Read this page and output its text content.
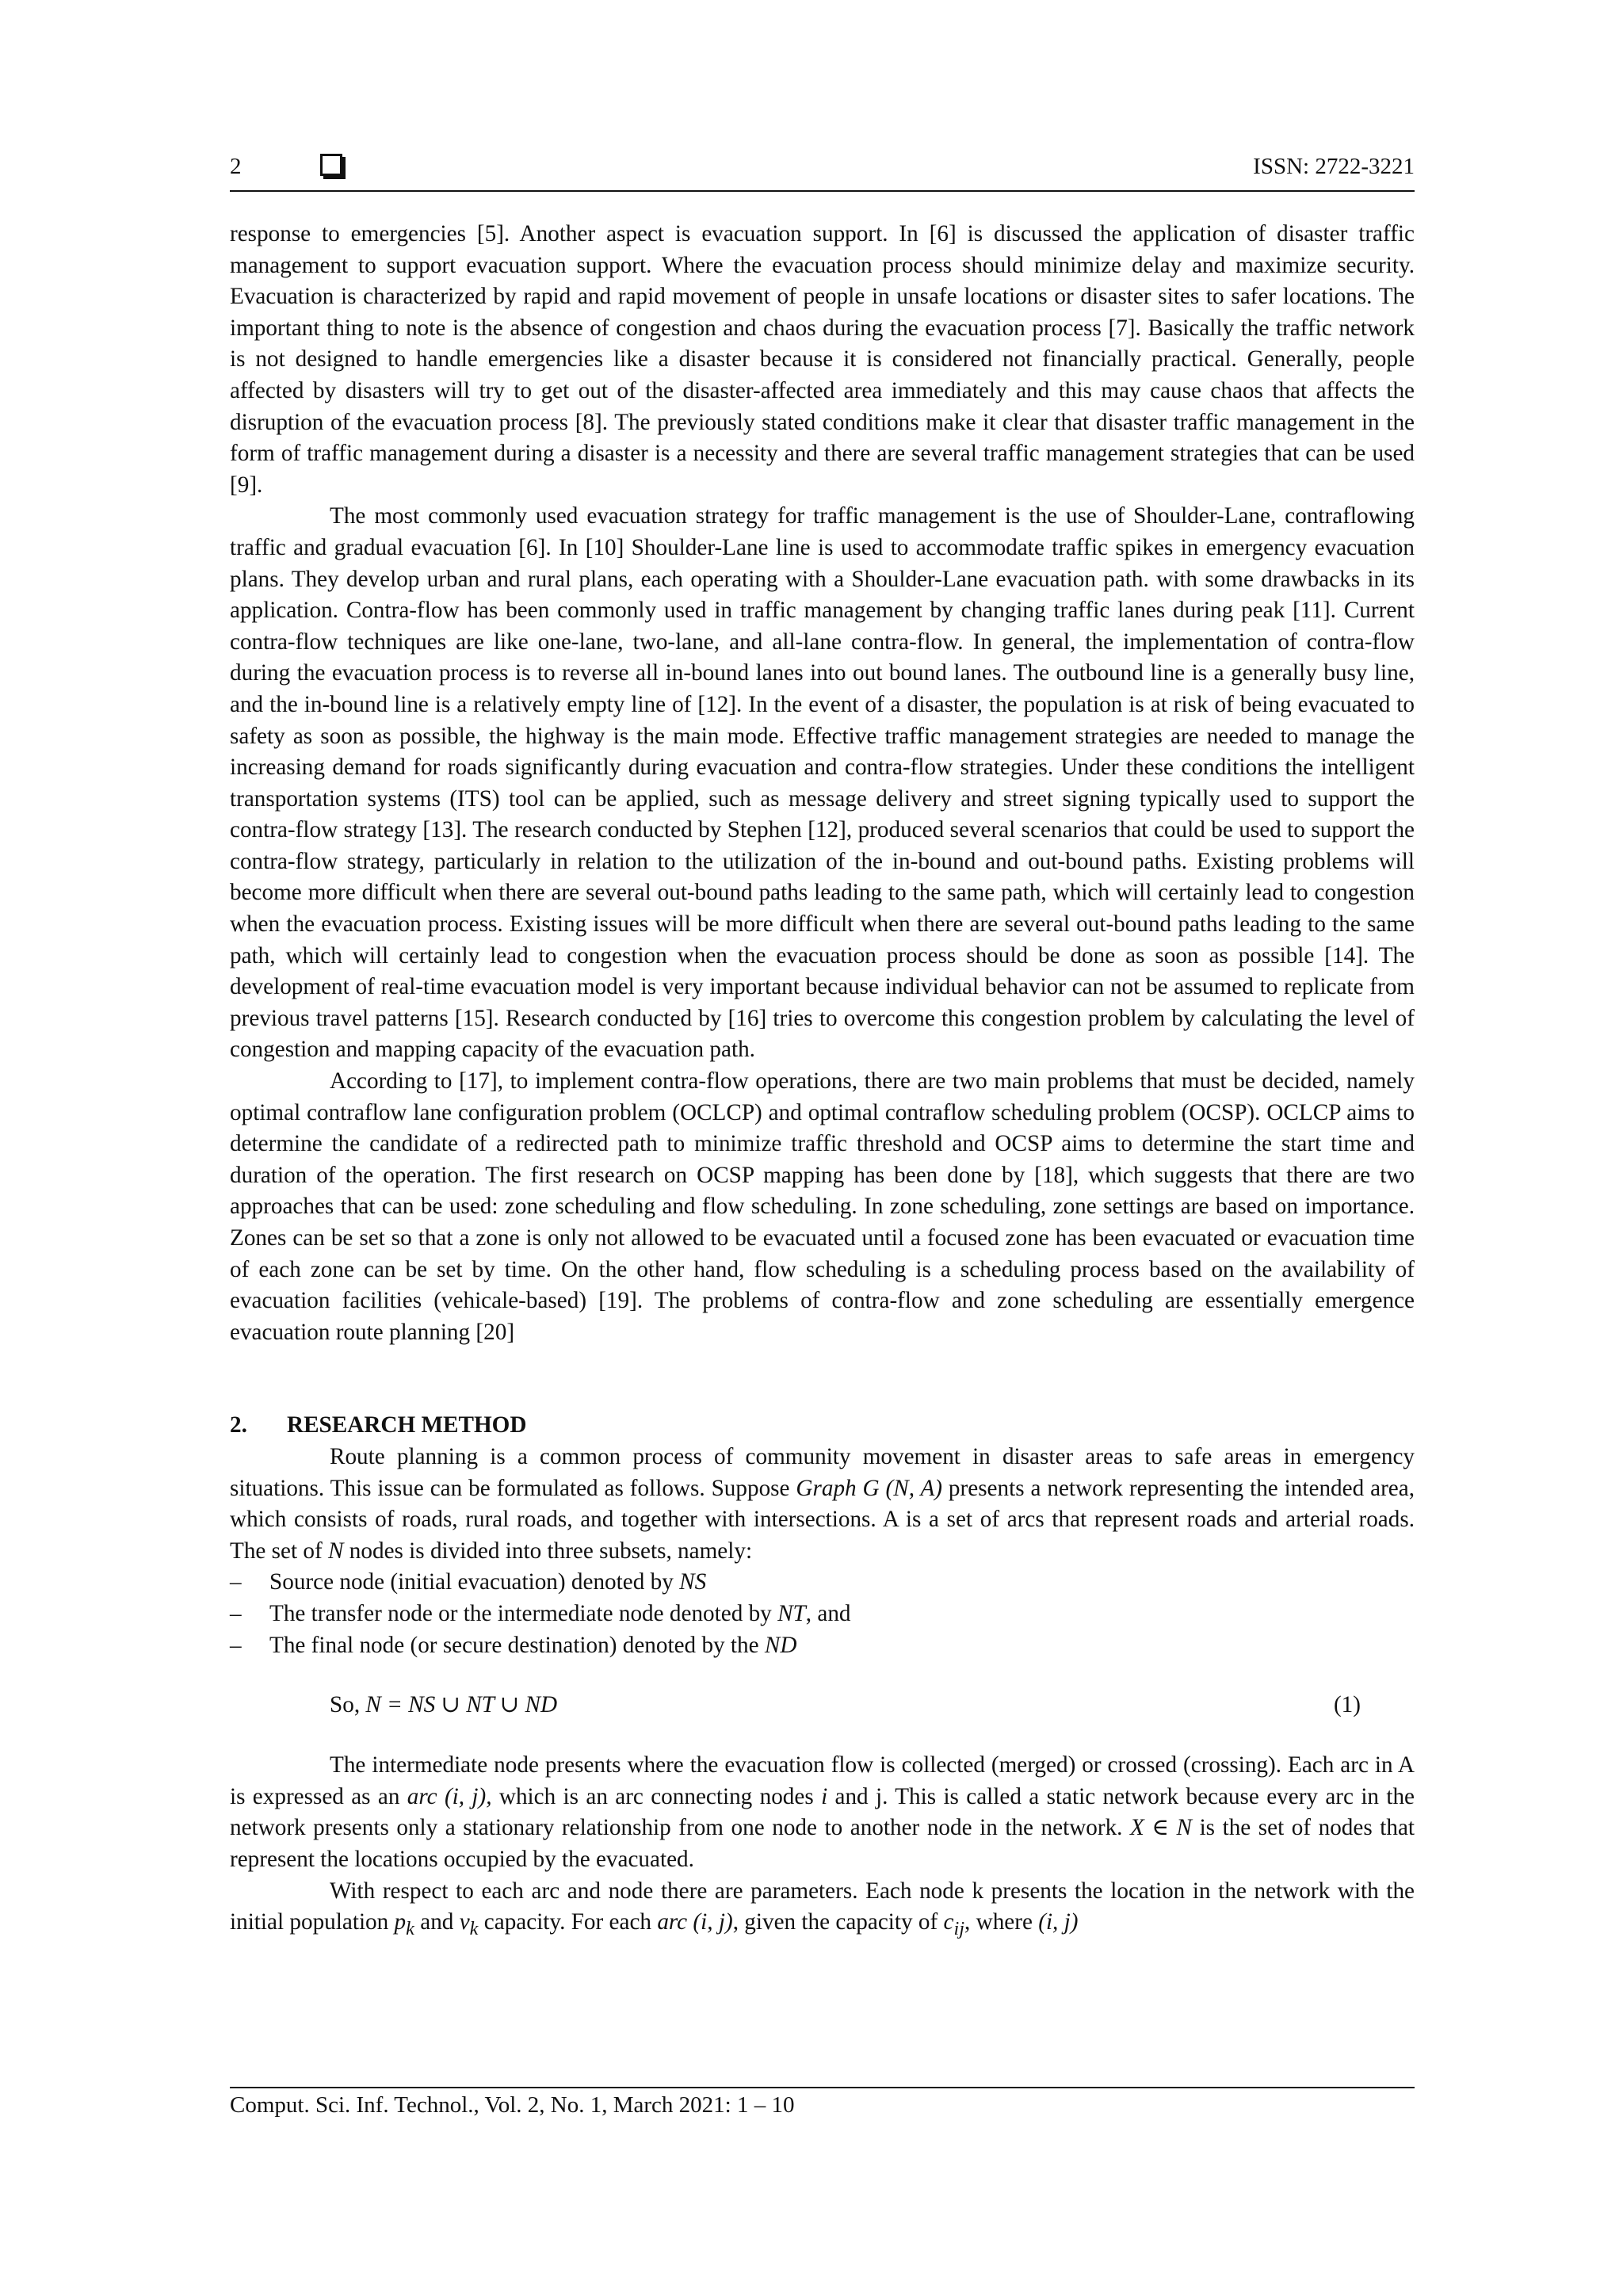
2	ISSN: 2722-3221

response to emergencies [5]. Another aspect is evacuation support. In [6] is discussed the application of disaster traffic management to support evacuation support. Where the evacuation process should minimize delay and maximize security. Evacuation is characterized by rapid and rapid movement of people in unsafe locations or disaster sites to safer locations. The important thing to note is the absence of congestion and chaos during the evacuation process [7]. Basically the traffic network is not designed to handle emergencies like a disaster because it is considered not financially practical. Generally, people affected by disasters will try to get out of the disaster-affected area immediately and this may cause chaos that affects the disruption of the evacuation process [8]. The previously stated conditions make it clear that disaster traffic management in the form of traffic management during a disaster is a necessity and there are several traffic management strategies that can be used [9].

The most commonly used evacuation strategy for traffic management is the use of Shoulder-Lane, contraflowing traffic and gradual evacuation [6]. In [10] Shoulder-Lane line is used to accommodate traffic spikes in emergency evacuation plans. They develop urban and rural plans, each operating with a Shoulder-Lane evacuation path. with some drawbacks in its application. Contra-flow has been commonly used in traffic management by changing traffic lanes during peak [11]. Current contra-flow techniques are like one-lane, two-lane, and all-lane contra-flow. In general, the implementation of contra-flow during the evacuation process is to reverse all in-bound lanes into out bound lanes. The outbound line is a generally busy line, and the in-bound line is a relatively empty line of [12]. In the event of a disaster, the population is at risk of being evacuated to safety as soon as possible, the highway is the main mode. Effective traffic management strategies are needed to manage the increasing demand for roads significantly during evacuation and contra-flow strategies. Under these conditions the intelligent transportation systems (ITS) tool can be applied, such as message delivery and street signing typically used to support the contra-flow strategy [13]. The research conducted by Stephen [12], produced several scenarios that could be used to support the contra-flow strategy, particularly in relation to the utilization of the in-bound and out-bound paths. Existing problems will become more difficult when there are several out-bound paths leading to the same path, which will certainly lead to congestion when the evacuation process. Existing issues will be more difficult when there are several out-bound paths leading to the same path, which will certainly lead to congestion when the evacuation process should be done as soon as possible [14]. The development of real-time evacuation model is very important because individual behavior can not be assumed to replicate from previous travel patterns [15]. Research conducted by [16] tries to overcome this congestion problem by calculating the level of congestion and mapping capacity of the evacuation path.

According to [17], to implement contra-flow operations, there are two main problems that must be decided, namely optimal contraflow lane configuration problem (OCLCP) and optimal contraflow scheduling problem (OCSP). OCLCP aims to determine the candidate of a redirected path to minimize traffic threshold and OCSP aims to determine the start time and duration of the operation. The first research on OCSP mapping has been done by [18], which suggests that there are two approaches that can be used: zone scheduling and flow scheduling. In zone scheduling, zone settings are based on importance. Zones can be set so that a zone is only not allowed to be evacuated until a focused zone has been evacuated or evacuation time of each zone can be set by time. On the other hand, flow scheduling is a scheduling process based on the availability of evacuation facilities (vehicale-based) [19]. The problems of contra-flow and zone scheduling are essentially emergence evacuation route planning [20]

2. RESEARCH METHOD

Route planning is a common process of community movement in disaster areas to safe areas in emergency situations. This issue can be formulated as follows. Suppose Graph G (N, A) presents a network representing the intended area, which consists of roads, rural roads, and together with intersections. A is a set of arcs that represent roads and arterial roads. The set of N nodes is divided into three subsets, namely:

– Source node (initial evacuation) denoted by NS
– The transfer node or the intermediate node denoted by NT, and
– The final node (or secure destination) denoted by the ND
So, N = NS ∪ NT ∪ ND	(1)

The intermediate node presents where the evacuation flow is collected (merged) or crossed (crossing). Each arc in A is expressed as an arc (i, j), which is an arc connecting nodes i and j. This is called a static network because every arc in the network presents only a stationary relationship from one node to another node in the network. X ∈ N is the set of nodes that represent the locations occupied by the evacuated.

With respect to each arc and node there are parameters. Each node k presents the location in the network with the initial population $p_k$ and $v_k$ capacity. For each arc (i, j), given the capacity of $c_{ij}$, where (i, j)

Comput. Sci. Inf. Technol., Vol. 2, No. 1, March 2021: 1 – 10
